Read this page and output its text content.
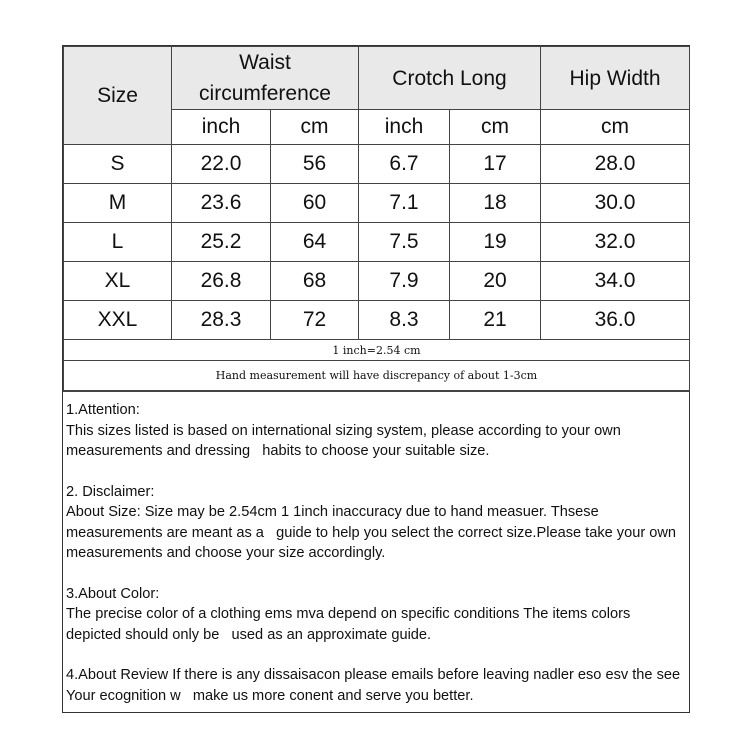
Size	Waist circumference		Crotch Long		Hip Width
	inch	cm	inch	cm	cm
S	22.0	56	6.7	17	28.0
M	23.6	60	7.1	18	30.0
L	25.2	64	7.5	19	32.0
XL	26.8	68	7.9	20	34.0
XXL	28.3	72	8.3	21	36.0
1 inch=2.54 cm					
Hand measurement will have discrepancy of about 1-3cm					

1.Attention:
This sizes listed is based on international sizing system, please according to your own measurements and dressing   habits to choose your suitable size.

2. Disclaimer:
About Size: Size may be 2.54cm 1 1inch inaccuracy due to hand measuer. Thsese measurements are meant as a   guide to help you select the correct size.Please take your own measurements and choose your size accordingly.

3.About Color:
The precise color of a clothing ems mva depend on specific conditions The items colors depicted should only be   used as an approximate guide.

4.About Review If there is any dissaisacon please emails before leaving nadler eso esv the see Your ecognition w   make us more conent and serve you better.
